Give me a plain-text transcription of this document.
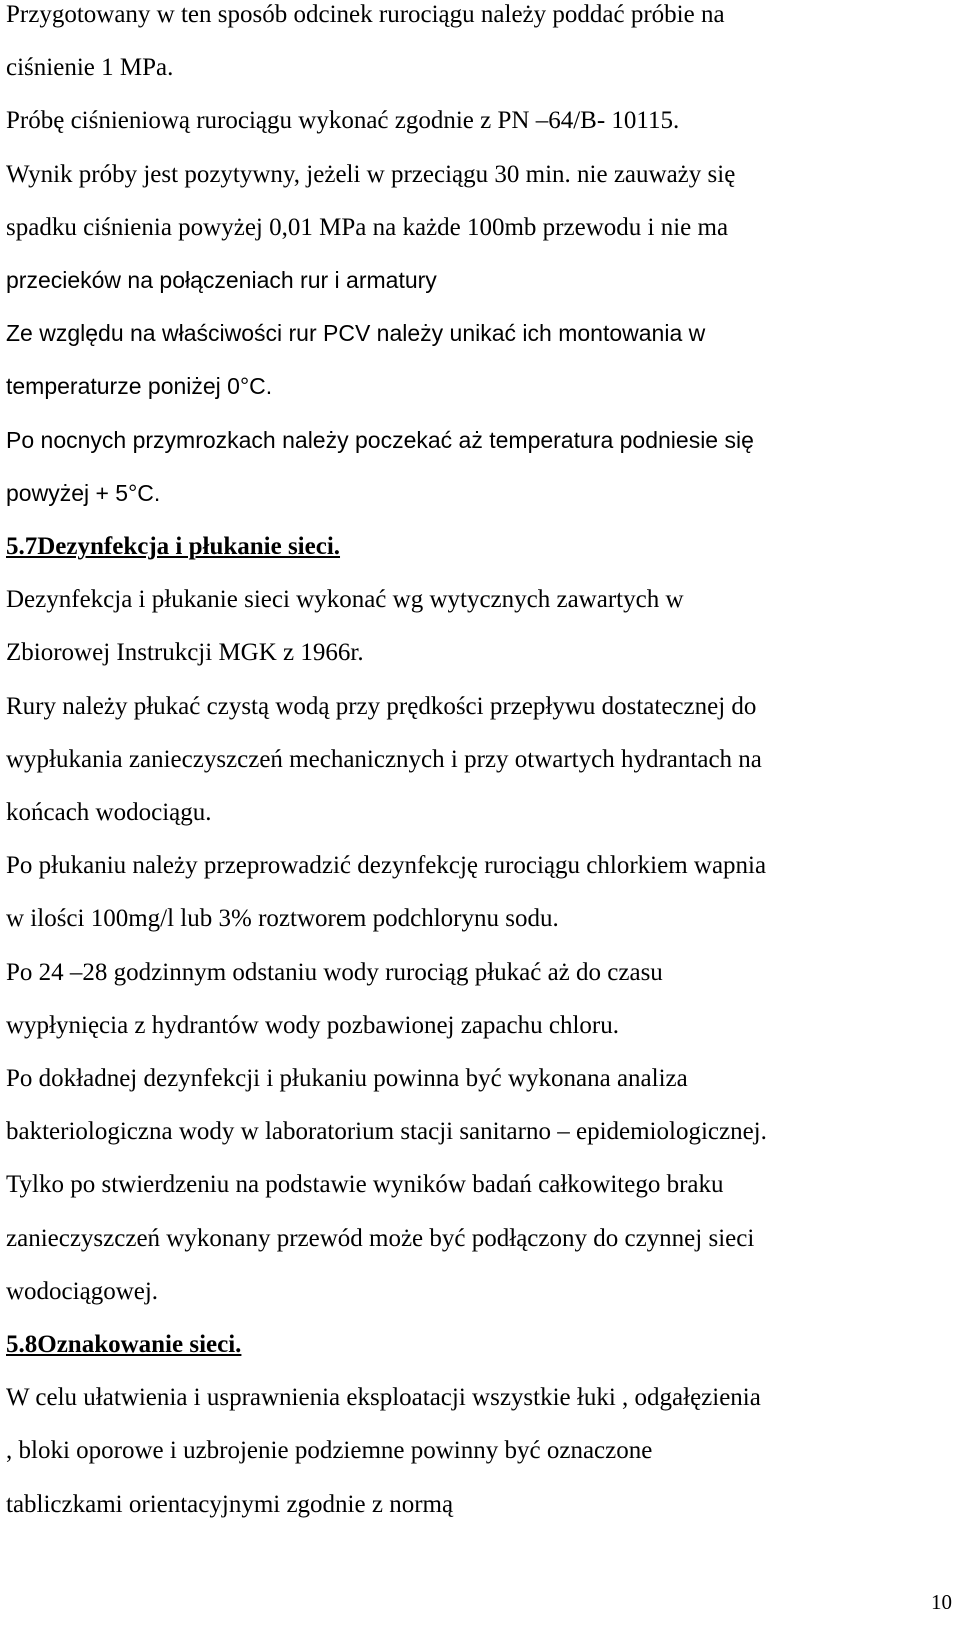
Przygotowany w ten sposób odcinek rurociągu należy poddać próbie na

ciśnienie 1 MPa.

Próbę ciśnieniową rurociągu wykonać zgodnie z PN –64/B- 10115.

Wynik próby jest pozytywny, jeżeli w przeciągu 30 min. nie zauważy się

spadku ciśnienia powyżej 0,01 MPa na każde 100mb przewodu i nie ma

przecieków na połączeniach rur i armatury

Ze względu na właściwości rur PCV należy unikać ich montowania w

temperaturze poniżej 0°C.

Po nocnych przymrozkach należy poczekać aż temperatura podniesie się

powyżej + 5°C.

5.7Dezynfekcja i płukanie sieci.

Dezynfekcja i płukanie sieci wykonać wg wytycznych zawartych w

Zbiorowej Instrukcji MGK z 1966r.

Rury należy płukać czystą wodą przy prędkości przepływu dostatecznej do

wypłukania zanieczyszczeń mechanicznych i przy otwartych hydrantach na

końcach wodociągu.

Po płukaniu należy przeprowadzić dezynfekcję rurociągu chlorkiem wapnia

w ilości 100mg/l lub 3% roztworem podchlorynu sodu.

Po 24 –28 godzinnym odstaniu wody rurociąg płukać aż do czasu

wypłynięcia z hydrantów wody pozbawionej zapachu chloru.

Po dokładnej dezynfekcji i płukaniu powinna być wykonana analiza

bakteriologiczna wody w laboratorium stacji sanitarno – epidemiologicznej.

Tylko po stwierdzeniu na podstawie wyników badań całkowitego braku

zanieczyszczeń wykonany przewód może być podłączony do czynnej sieci

wodociągowej.

5.8Oznakowanie sieci.

W celu ułatwienia i usprawnienia eksploatacji wszystkie łuki , odgałęzienia

, bloki oporowe i uzbrojenie podziemne powinny być oznaczone

tabliczkami orientacyjnymi zgodnie z normą

10
